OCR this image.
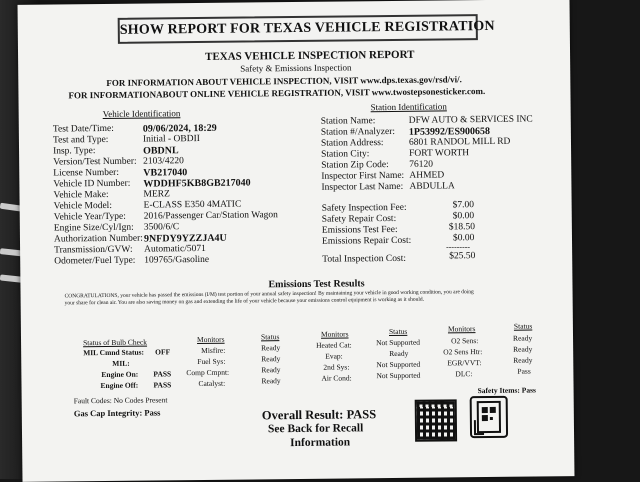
SHOW REPORT FOR TEXAS VEHICLE REGISTRATION
TEXAS VEHICLE INSPECTION REPORT
Safety & Emissions Inspection
FOR INFORMATION ABOUT VEHICLE INSPECTION, VISIT www.dps.texas.gov/rsd/vi/.
FOR INFORMATIONABOUT ONLINE VEHICLE REGISTRATION, VISIT www.twostepsonesticker.com.
Vehicle Identification
Test Date/Time:	09/06/2024, 18:29
Test and Type:	Initial - OBDII
Insp. Type:	OBDNL
Version/Test Number: 2103/4220
License Number: VB217040
Vehicle ID Number: WDDHF5KB8GB217040
Vehicle Make:	MERZ
Vehicle Model:	E-CLASS E350 4MATIC
Vehicle Year/Type: 2016/Passenger Car/Station Wagon
Engine Size/Cyl/Ign: 3500/6/C
Authorization Number: 9NFDY9YZZJA4U
Transmission/GVW: Automatic/5071
Odometer/Fuel Type: 109765/Gasoline
Station Identification
Station Name:	DFW AUTO & SERVICES INC
Station #/Analyzer: 1P53992/ES900658
Station Address:	6801 RANDOL MILL RD
Station City:	FORT WORTH
Station Zip Code: 76120
Inspector First Name: AHMED
Inspector Last Name: ABDULLA
Safety Inspection Fee:	$7.00
Safety Repair Cost:	$0.00
Emissions Test Fee:	$18.50
Emissions Repair Cost:	$0.00
---------
Total Inspection Cost:	$25.50
Emissions Test Results
CONGRATULATIONS, your vehicle has passed the emissions (I/M) test portion of your annual safety inspection! By maintaining your vehicle in good working condition, you are doing
your share for clean air. You are also saving money on gas and extending the life of your vehicle because your emissions control equipment is working as it should.
Status of Bulb Check
MIL Cmnd Status: OFF
MIL:
Engine On: PASS
Engine Off: PASS
Monitors	Status	Monitors	Status	Monitors	Status
Misfire:	Ready
Fuel Sys:	Ready
Comp Cmpnt:	Ready
Catalyst:	Ready
Heated Cat:	Not Supported
Evap:	Ready
2nd Sys:	Not Supported
Air Cond:	Not Supported
O2 Sens:	Ready
O2 Sens Htr:	Ready
EGR/VVT:	Ready
DLC:	Pass
Fault Codes: No Codes Present
Gas Cap Integrity: Pass
Safety Items: Pass
Overall Result: PASS
See Back for Recall
Information
